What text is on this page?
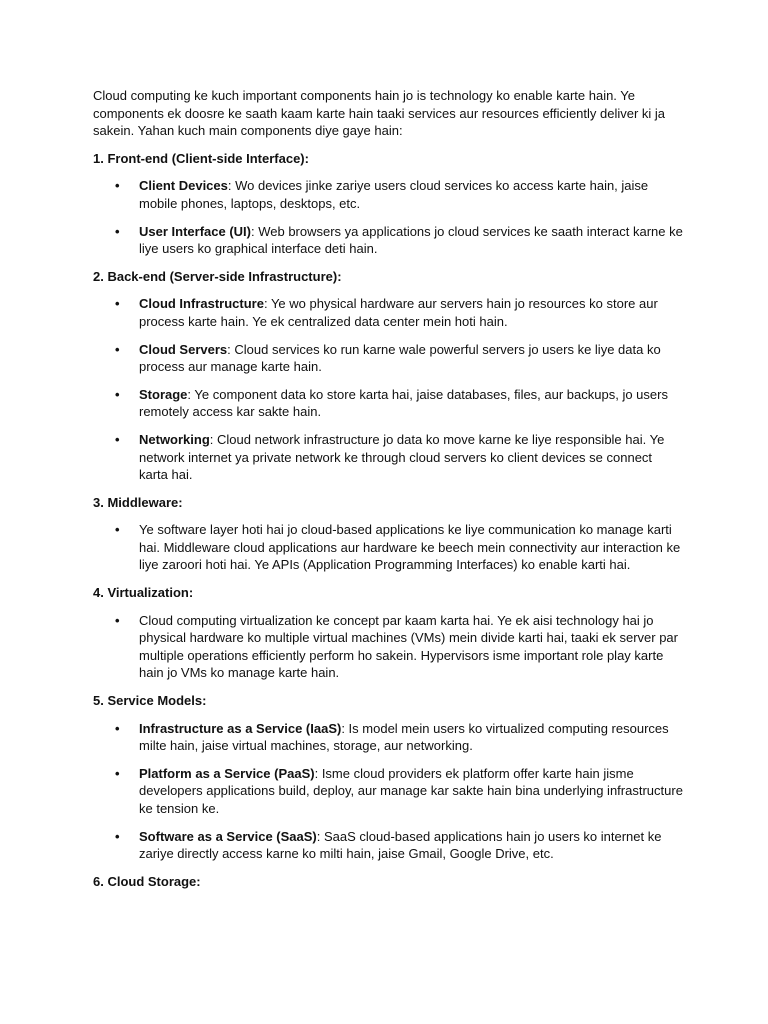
Cloud computing ke kuch important components hain jo is technology ko enable karte hain. Ye components ek doosre ke saath kaam karte hain taaki services aur resources efficiently deliver ki ja sakein. Yahan kuch main components diye gaye hain:

1. Front-end (Client-side Interface):

• Client Devices: Wo devices jinke zariye users cloud services ko access karte hain, jaise mobile phones, laptops, desktops, etc.
• User Interface (UI): Web browsers ya applications jo cloud services ke saath interact karne ke liye users ko graphical interface deti hain.

2. Back-end (Server-side Infrastructure):

• Cloud Infrastructure: Ye wo physical hardware aur servers hain jo resources ko store aur process karte hain. Ye ek centralized data center mein hoti hain.
• Cloud Servers: Cloud services ko run karne wale powerful servers jo users ke liye data ko process aur manage karte hain.
• Storage: Ye component data ko store karta hai, jaise databases, files, aur backups, jo users remotely access kar sakte hain.
• Networking: Cloud network infrastructure jo data ko move karne ke liye responsible hai. Ye network internet ya private network ke through cloud servers ko client devices se connect karta hai.

3. Middleware:

• Ye software layer hoti hai jo cloud-based applications ke liye communication ko manage karti hai. Middleware cloud applications aur hardware ke beech mein connectivity aur interaction ke liye zaroori hoti hai. Ye APIs (Application Programming Interfaces) ko enable karti hai.

4. Virtualization:

• Cloud computing virtualization ke concept par kaam karta hai. Ye ek aisi technology hai jo physical hardware ko multiple virtual machines (VMs) mein divide karti hai, taaki ek server par multiple operations efficiently perform ho sakein. Hypervisors isme important role play karte hain jo VMs ko manage karte hain.

5. Service Models:

• Infrastructure as a Service (IaaS): Is model mein users ko virtualized computing resources milte hain, jaise virtual machines, storage, aur networking.
• Platform as a Service (PaaS): Isme cloud providers ek platform offer karte hain jisme developers applications build, deploy, aur manage kar sakte hain bina underlying infrastructure ke tension ke.
• Software as a Service (SaaS): SaaS cloud-based applications hain jo users ko internet ke zariye directly access karne ko milti hain, jaise Gmail, Google Drive, etc.

6. Cloud Storage:
